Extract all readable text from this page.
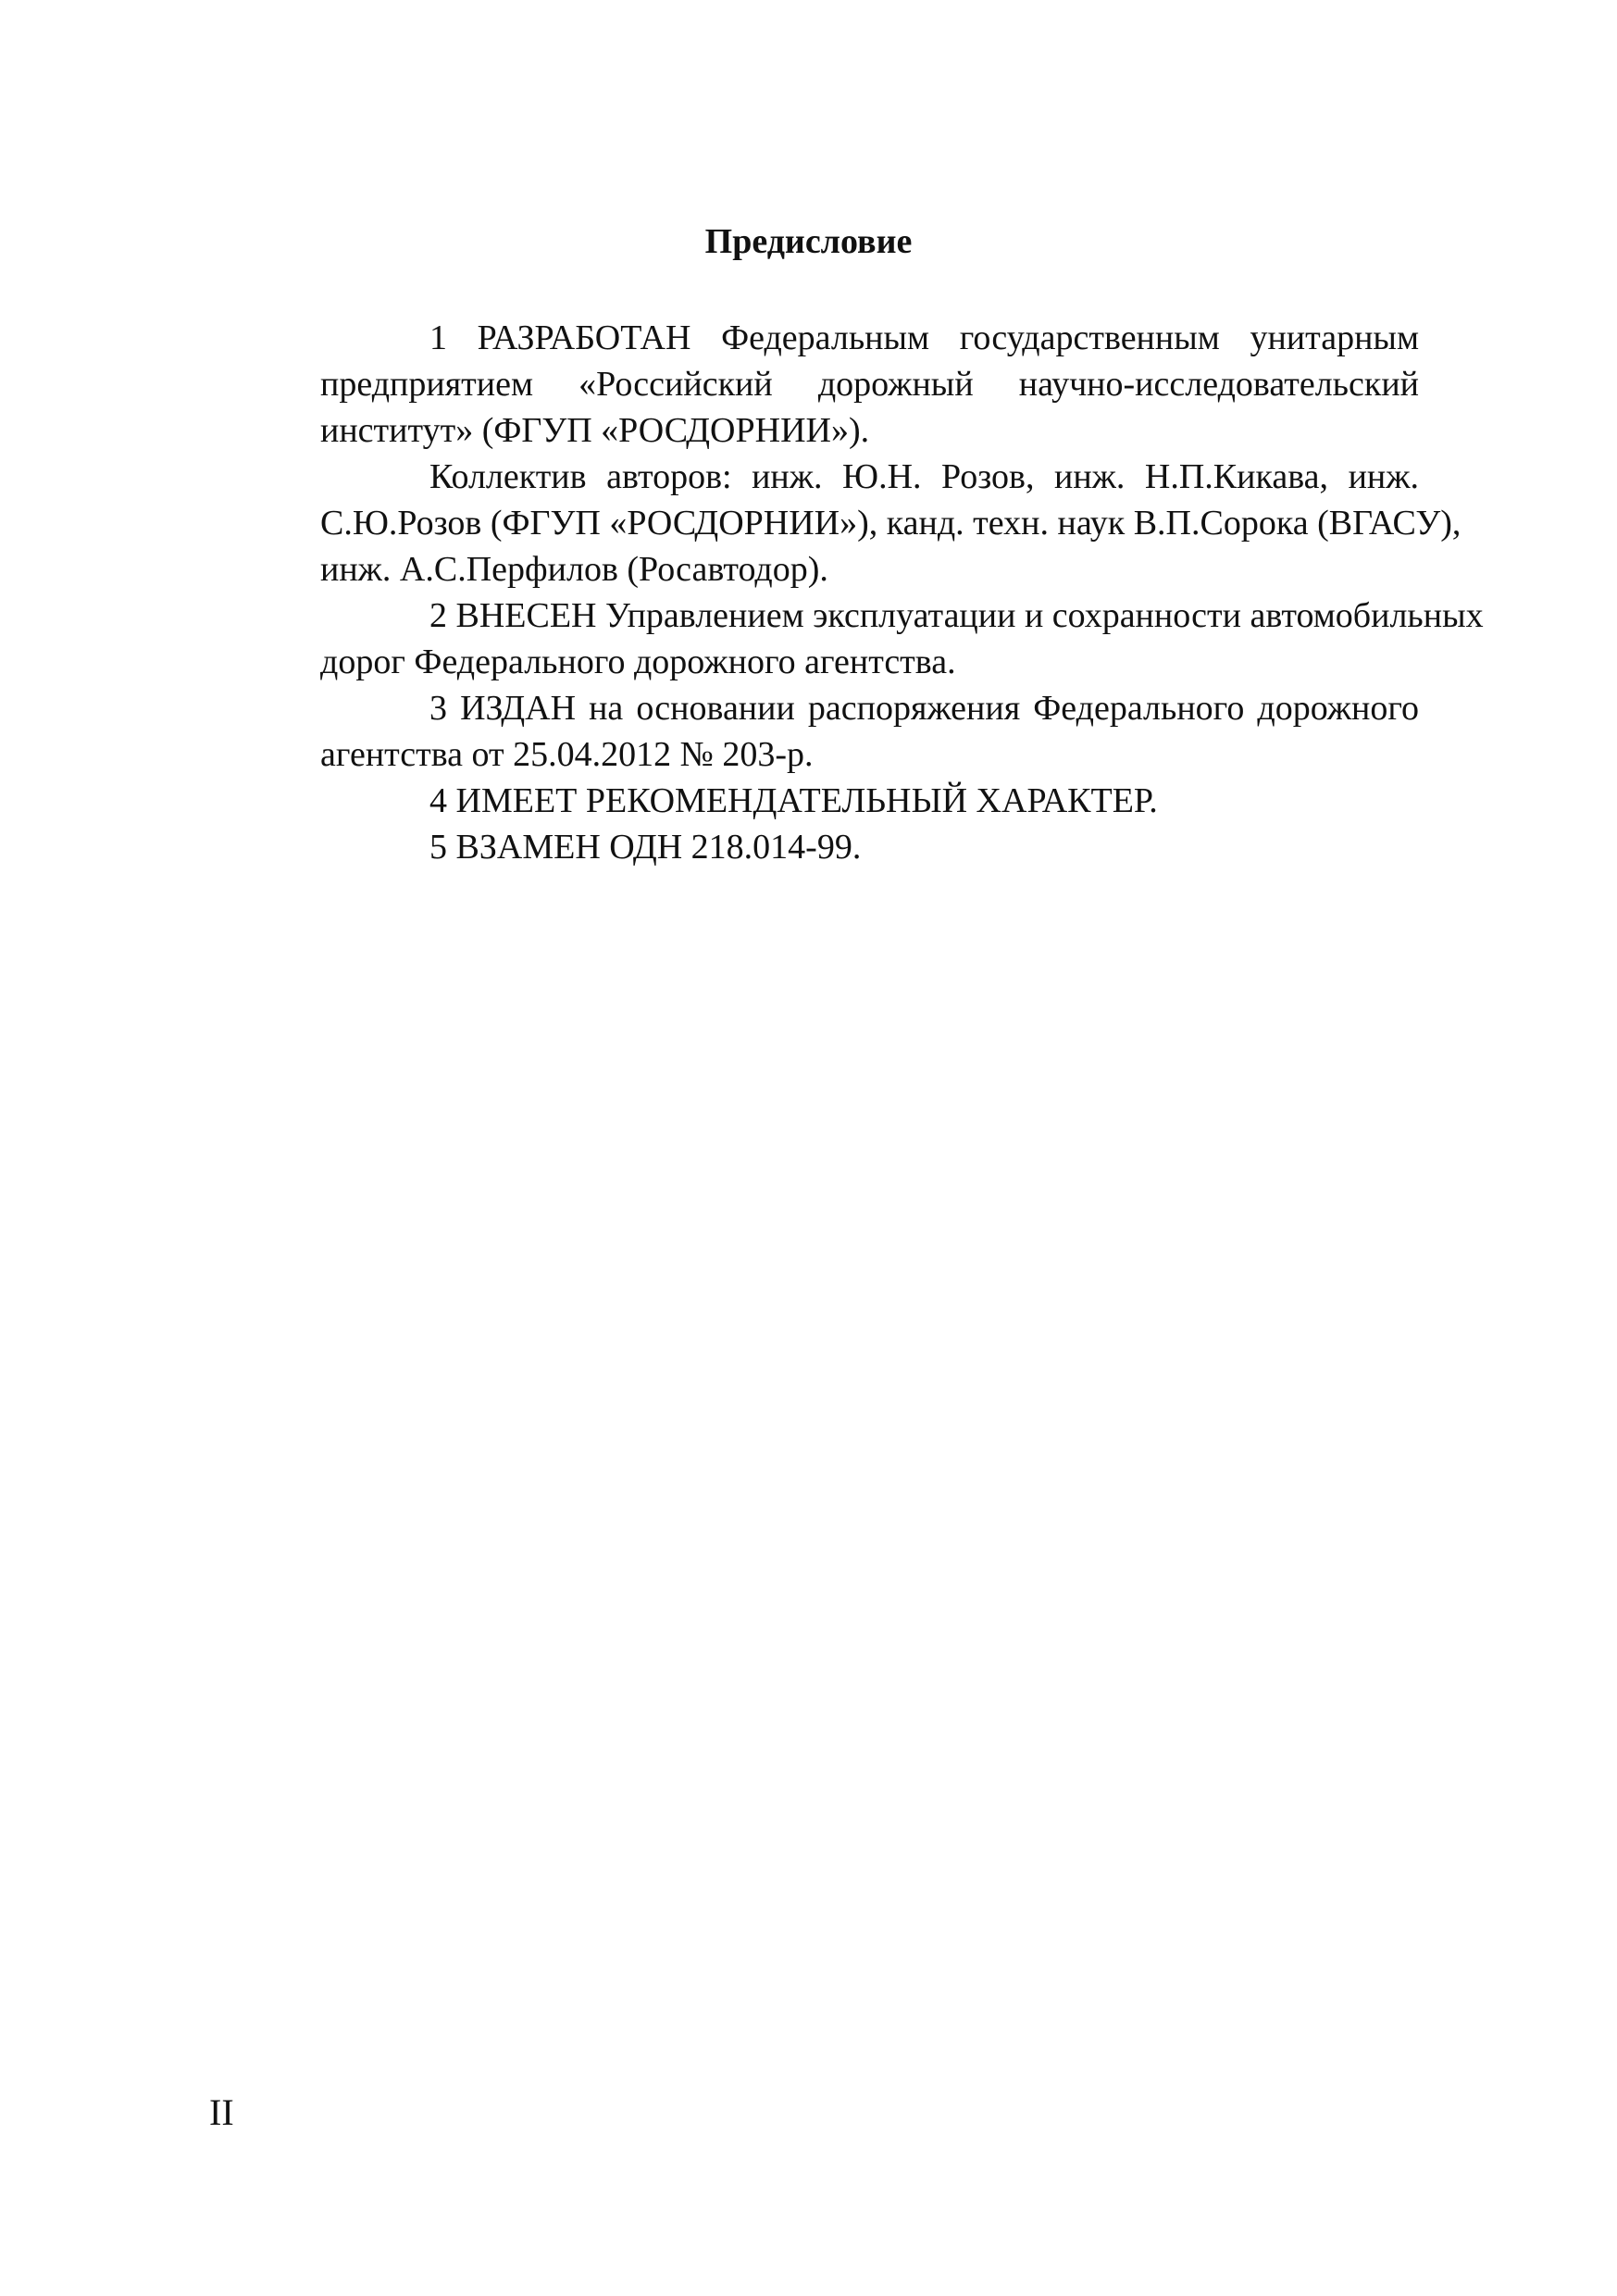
Предисловие
1 РАЗРАБОТАН Федеральным государственным унитарным
предприятием «Российский дорожный научно-исследовательский
институт» (ФГУП «РОСДОРНИИ»).
Коллектив авторов: инж. Ю.Н. Розов, инж. Н.П.Кикава, инж.
С.Ю.Розов (ФГУП «РОСДОРНИИ»), канд. техн. наук В.П.Сорока (ВГАСУ),
инж. А.С.Перфилов (Росавтодор).
2 ВНЕСЕН Управлением эксплуатации и сохранности автомобильных
дорог Федерального дорожного агентства.
3 ИЗДАН на основании распоряжения Федерального дорожного
агентства от 25.04.2012 № 203-р.
4 ИМЕЕТ РЕКОМЕНДАТЕЛЬНЫЙ ХАРАКТЕР.
5 ВЗАМЕН ОДН 218.014-99.
II
